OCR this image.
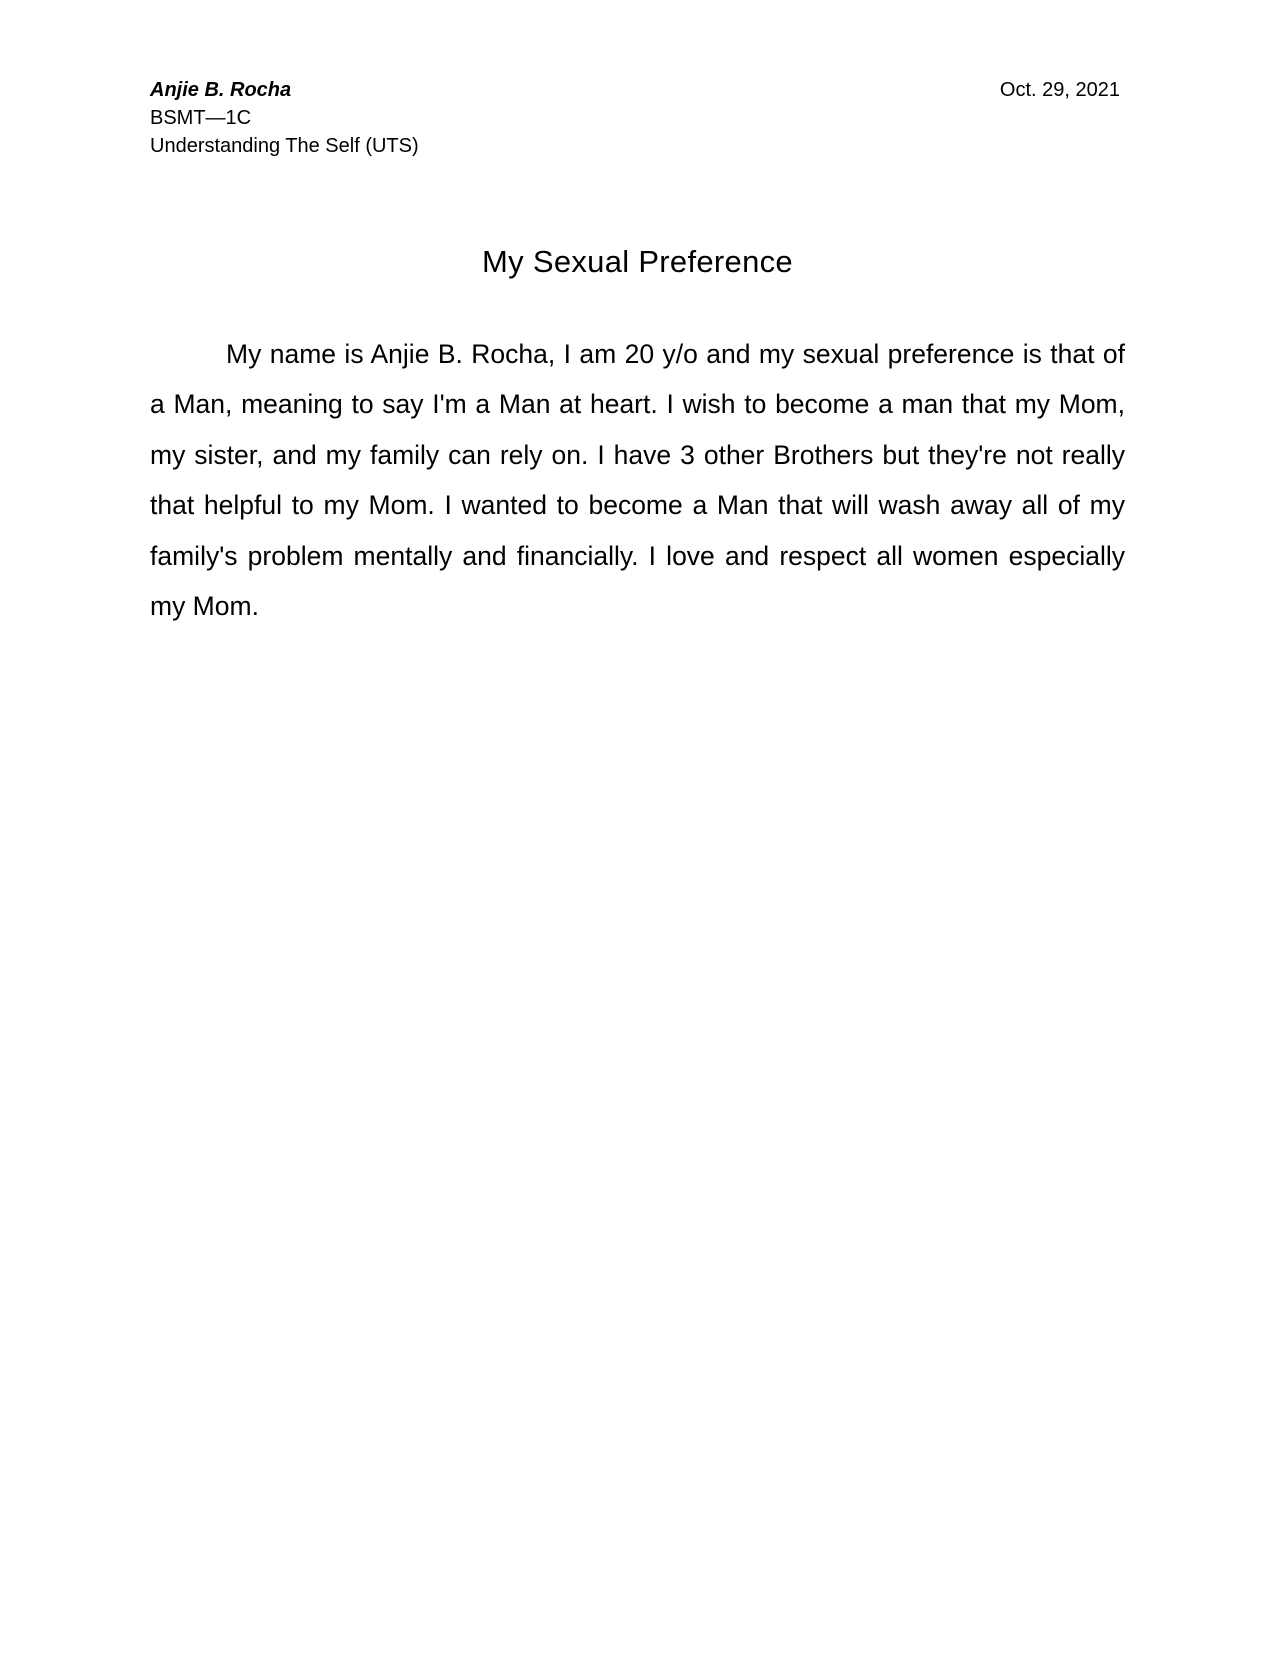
Anjie B. Rocha
BSMT—1C
Understanding The Self (UTS)
Oct. 29, 2021
My Sexual Preference

My name is Anjie B. Rocha, I am 20 y/o and my sexual preference is that of a Man, meaning to say I'm a Man at heart. I wish to become a man that my Mom, my sister, and my family can rely on. I have 3 other Brothers but they're not really that helpful to my Mom. I wanted to become a Man that will wash away all of my family's problem mentally and financially. I love and respect all women especially my Mom.
